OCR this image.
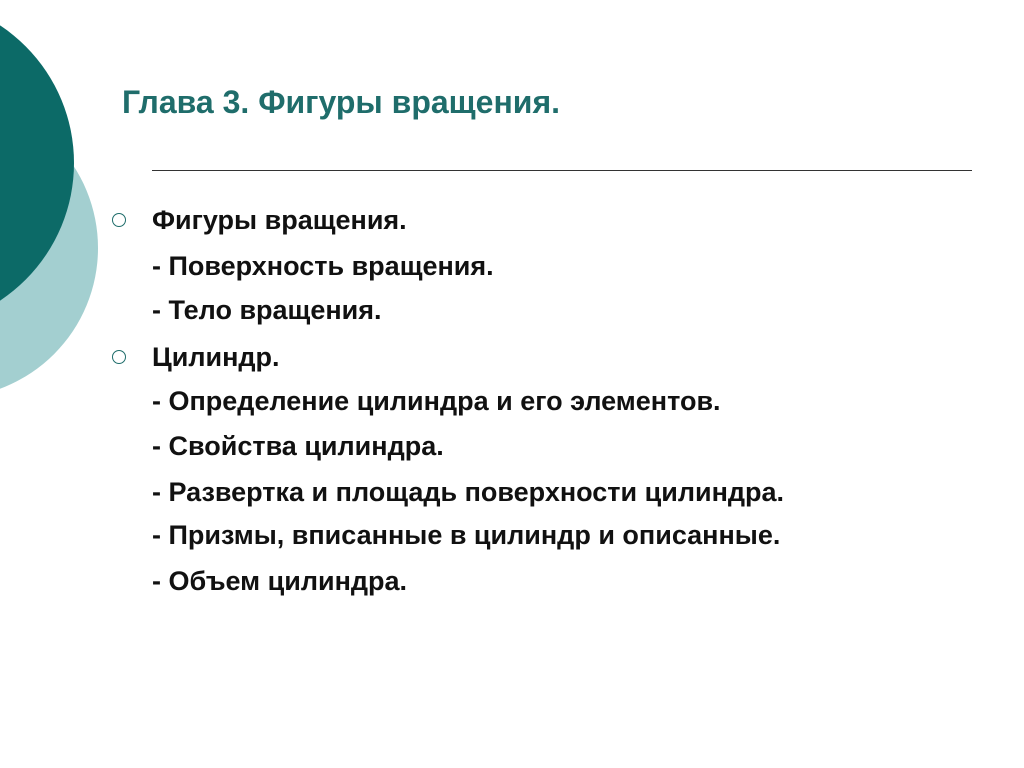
Глава 3. Фигуры вращения.

Фигуры вращения.

- Поверхность вращения.

- Тело вращения.

Цилиндр.

- Определение цилиндра и его элементов.

- Свойства цилиндра.

- Развертка и площадь поверхности цилиндра.

- Призмы, вписанные в цилиндр и описанные.

- Объем цилиндра.
